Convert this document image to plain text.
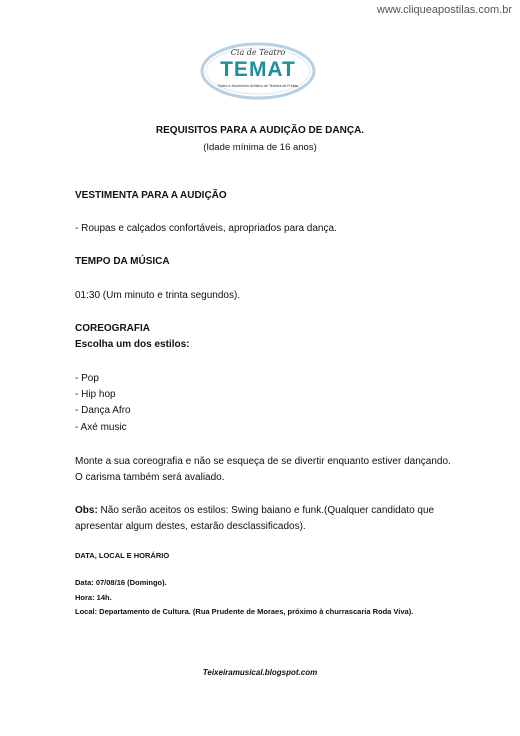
www.cliqueapostilas.com.br
Cia de Teatro
TEMAT
Teatro e Movimento Artístico de Teixeira de Freitas
REQUISITOS PARA A AUDIÇÃO DE DANÇA.
(Idade mínima de 16 anos)
VESTIMENTA PARA A AUDIÇÃO
- Roupas e calçados confortáveis, apropriados para dança.
TEMPO DA MÚSICA
01:30 (Um minuto e trinta segundos).
COREOGRAFIA
Escolha um dos estilos:
- Pop
- Hip hop
- Dança Afro
- Axé music
Monte a sua coreografia e não se esqueça de se divertir enquanto estiver dançando. O carisma também será avaliado.
Obs: Não serão aceitos os estilos: Swing baiano e funk.(Qualquer candidato que apresentar algum destes, estarão desclassificados).
DATA, LOCAL E HORÁRIO
Data: 07/08/16 (Domingo).
Hora: 14h.
Local: Departamento de Cultura. (Rua Prudente de Moraes, próximo à churrascaria Roda Viva).
Teixeiramusical.blogspot.com
